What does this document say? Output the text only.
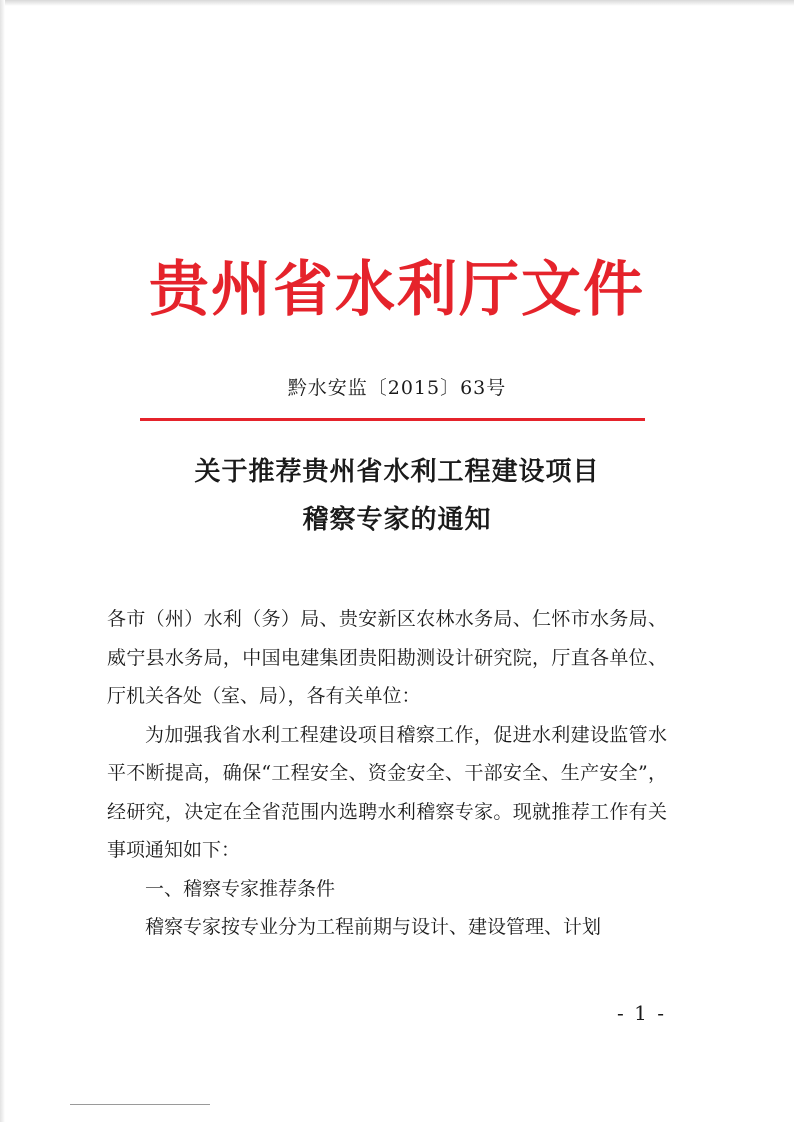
贵州省水利厅文件
黔水安监〔2015〕63号
关于推荐贵州省水利工程建设项目
稽察专家的通知

各市（州）水利（务）局、贵安新区农林水务局、仁怀市水务局、威宁县水务局，中国电建集团贵阳勘测设计研究院，厅直各单位、厅机关各处（室、局），各有关单位：

为加强我省水利工程建设项目稽察工作，促进水利建设监管水平不断提高，确保“工程安全、资金安全、干部安全、生产安全”，经研究，决定在全省范围内选聘水利稽察专家。现就推荐工作有关事项通知如下：

一、稽察专家推荐条件

稽察专家按专业分为工程前期与设计、建设管理、计划

- 1 -
